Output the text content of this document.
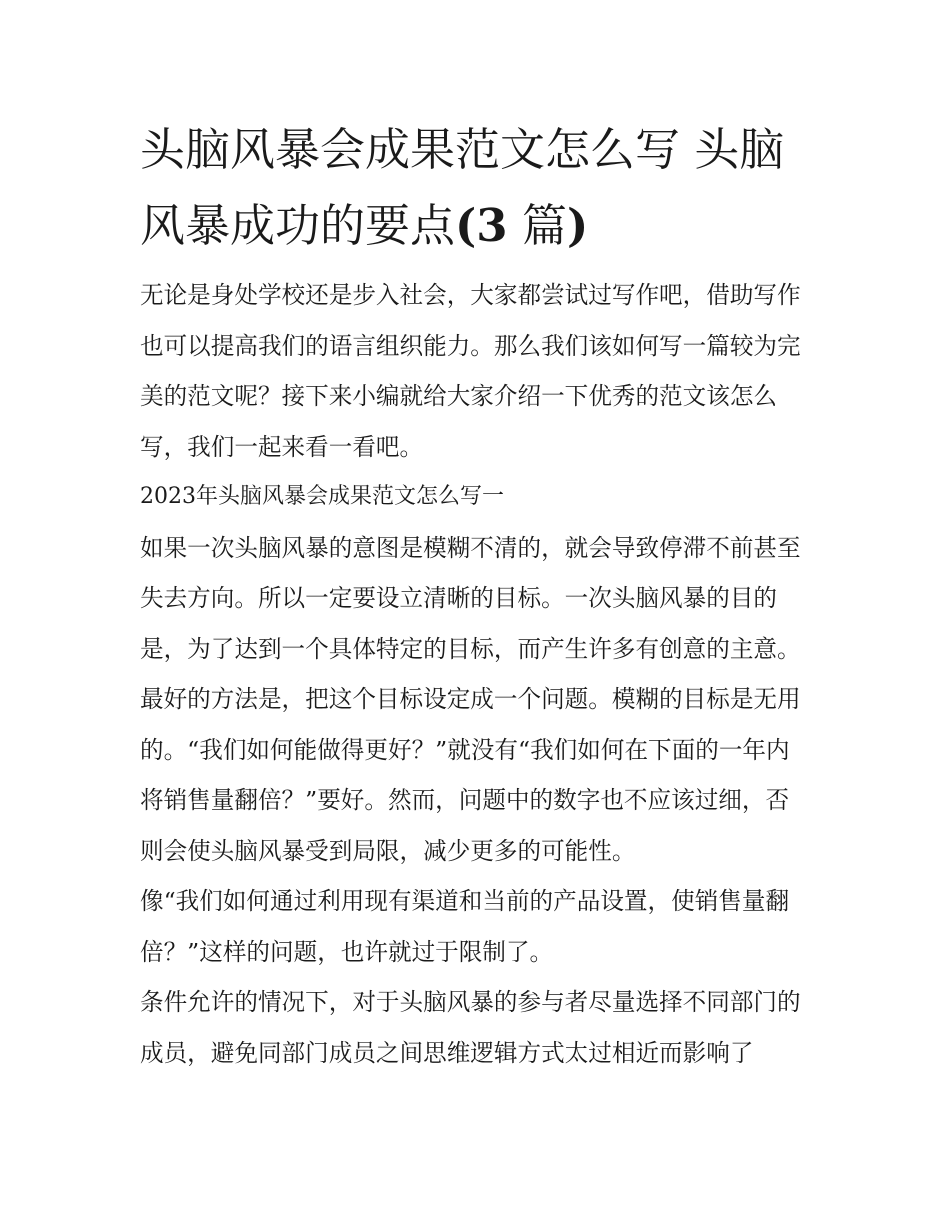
头脑风暴会成果范文怎么写 头脑风暴成功的要点(3 篇)

无论是身处学校还是步入社会，大家都尝试过写作吧，借助写作也可以提高我们的语言组织能力。那么我们该如何写一篇较为完美的范文呢？接下来小编就给大家介绍一下优秀的范文该怎么写，我们一起来看一看吧。

2023年头脑风暴会成果范文怎么写一

如果一次头脑风暴的意图是模糊不清的，就会导致停滞不前甚至失去方向。所以一定要设立清晰的目标。一次头脑风暴的目的是，为了达到一个具体特定的目标，而产生许多有创意的主意。最好的方法是，把这个目标设定成一个问题。模糊的目标是无用的。“我们如何能做得更好？”就没有“我们如何在下面的一年内将销售量翻倍？”要好。然而，问题中的数字也不应该过细，否则会使头脑风暴受到局限，减少更多的可能性。

像“我们如何通过利用现有渠道和当前的产品设置，使销售量翻倍？”这样的问题，也许就过于限制了。

条件允许的情况下，对于头脑风暴的参与者尽量选择不同部门的成员，避免同部门成员之间思维逻辑方式太过相近而影响了
